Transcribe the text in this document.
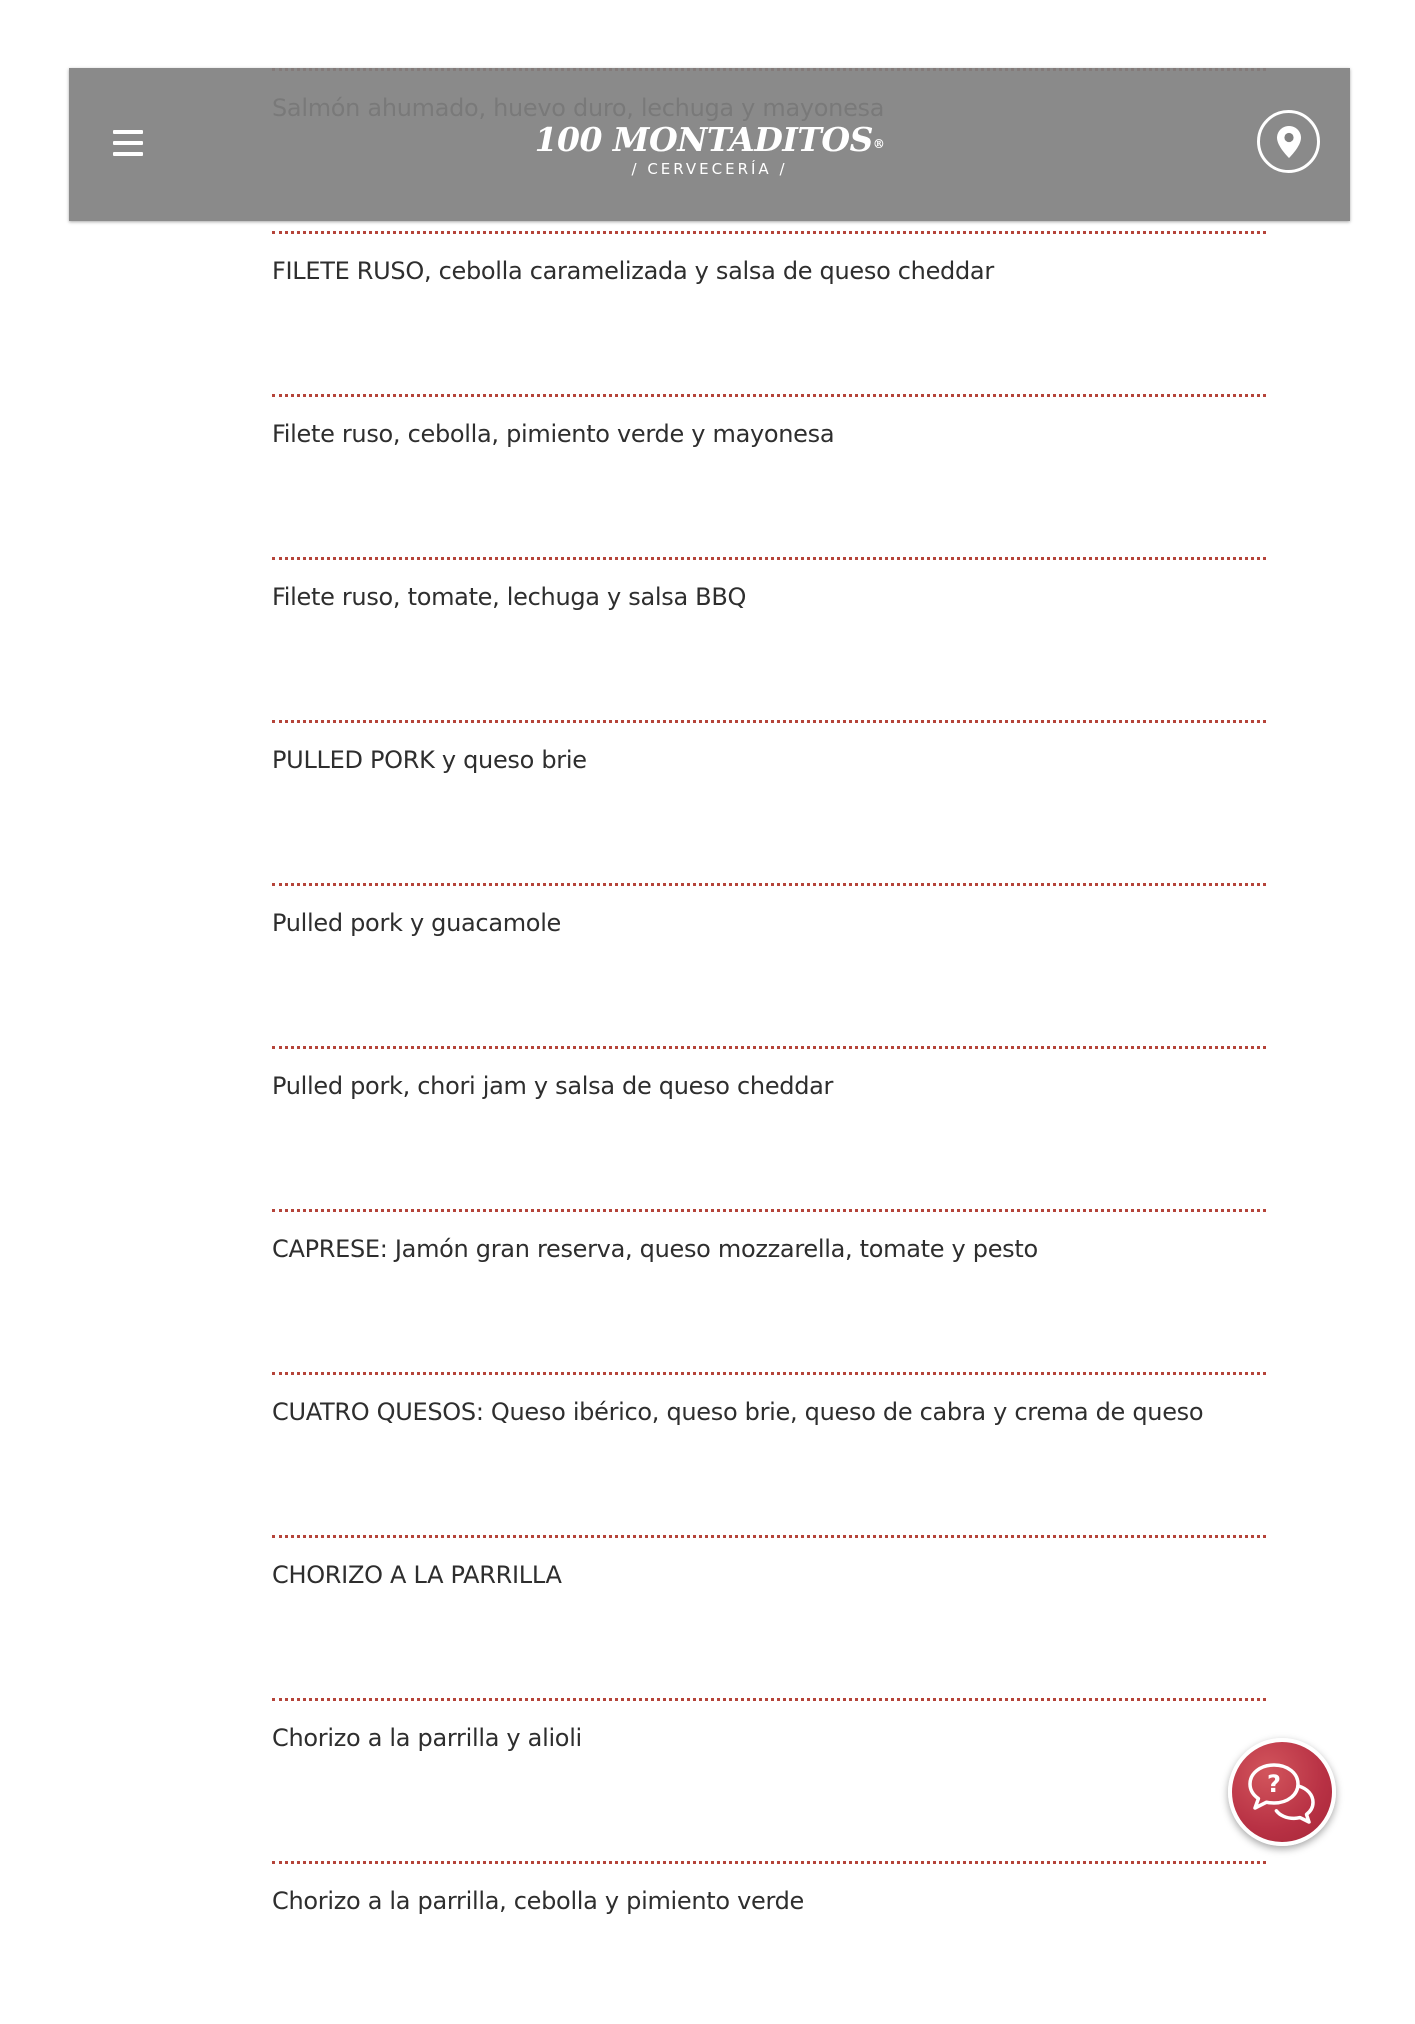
FILETE RUSO, cebolla caramelizada y salsa de queso cheddar
Filete ruso, cebolla, pimiento verde y mayonesa
Filete ruso, tomate, lechuga y salsa BBQ
PULLED PORK y queso brie
Pulled pork y guacamole
Pulled pork, chori jam y salsa de queso cheddar
CAPRESE: Jamón gran reserva, queso mozzarella, tomate y pesto
CUATRO QUESOS: Queso ibérico, queso brie, queso de cabra y crema de queso
CHORIZO A LA PARRILLA
Chorizo a la parrilla y alioli
Chorizo a la parrilla, cebolla y pimiento verde
100 MONTADITOS®
/ CERVECERÍA /
?
